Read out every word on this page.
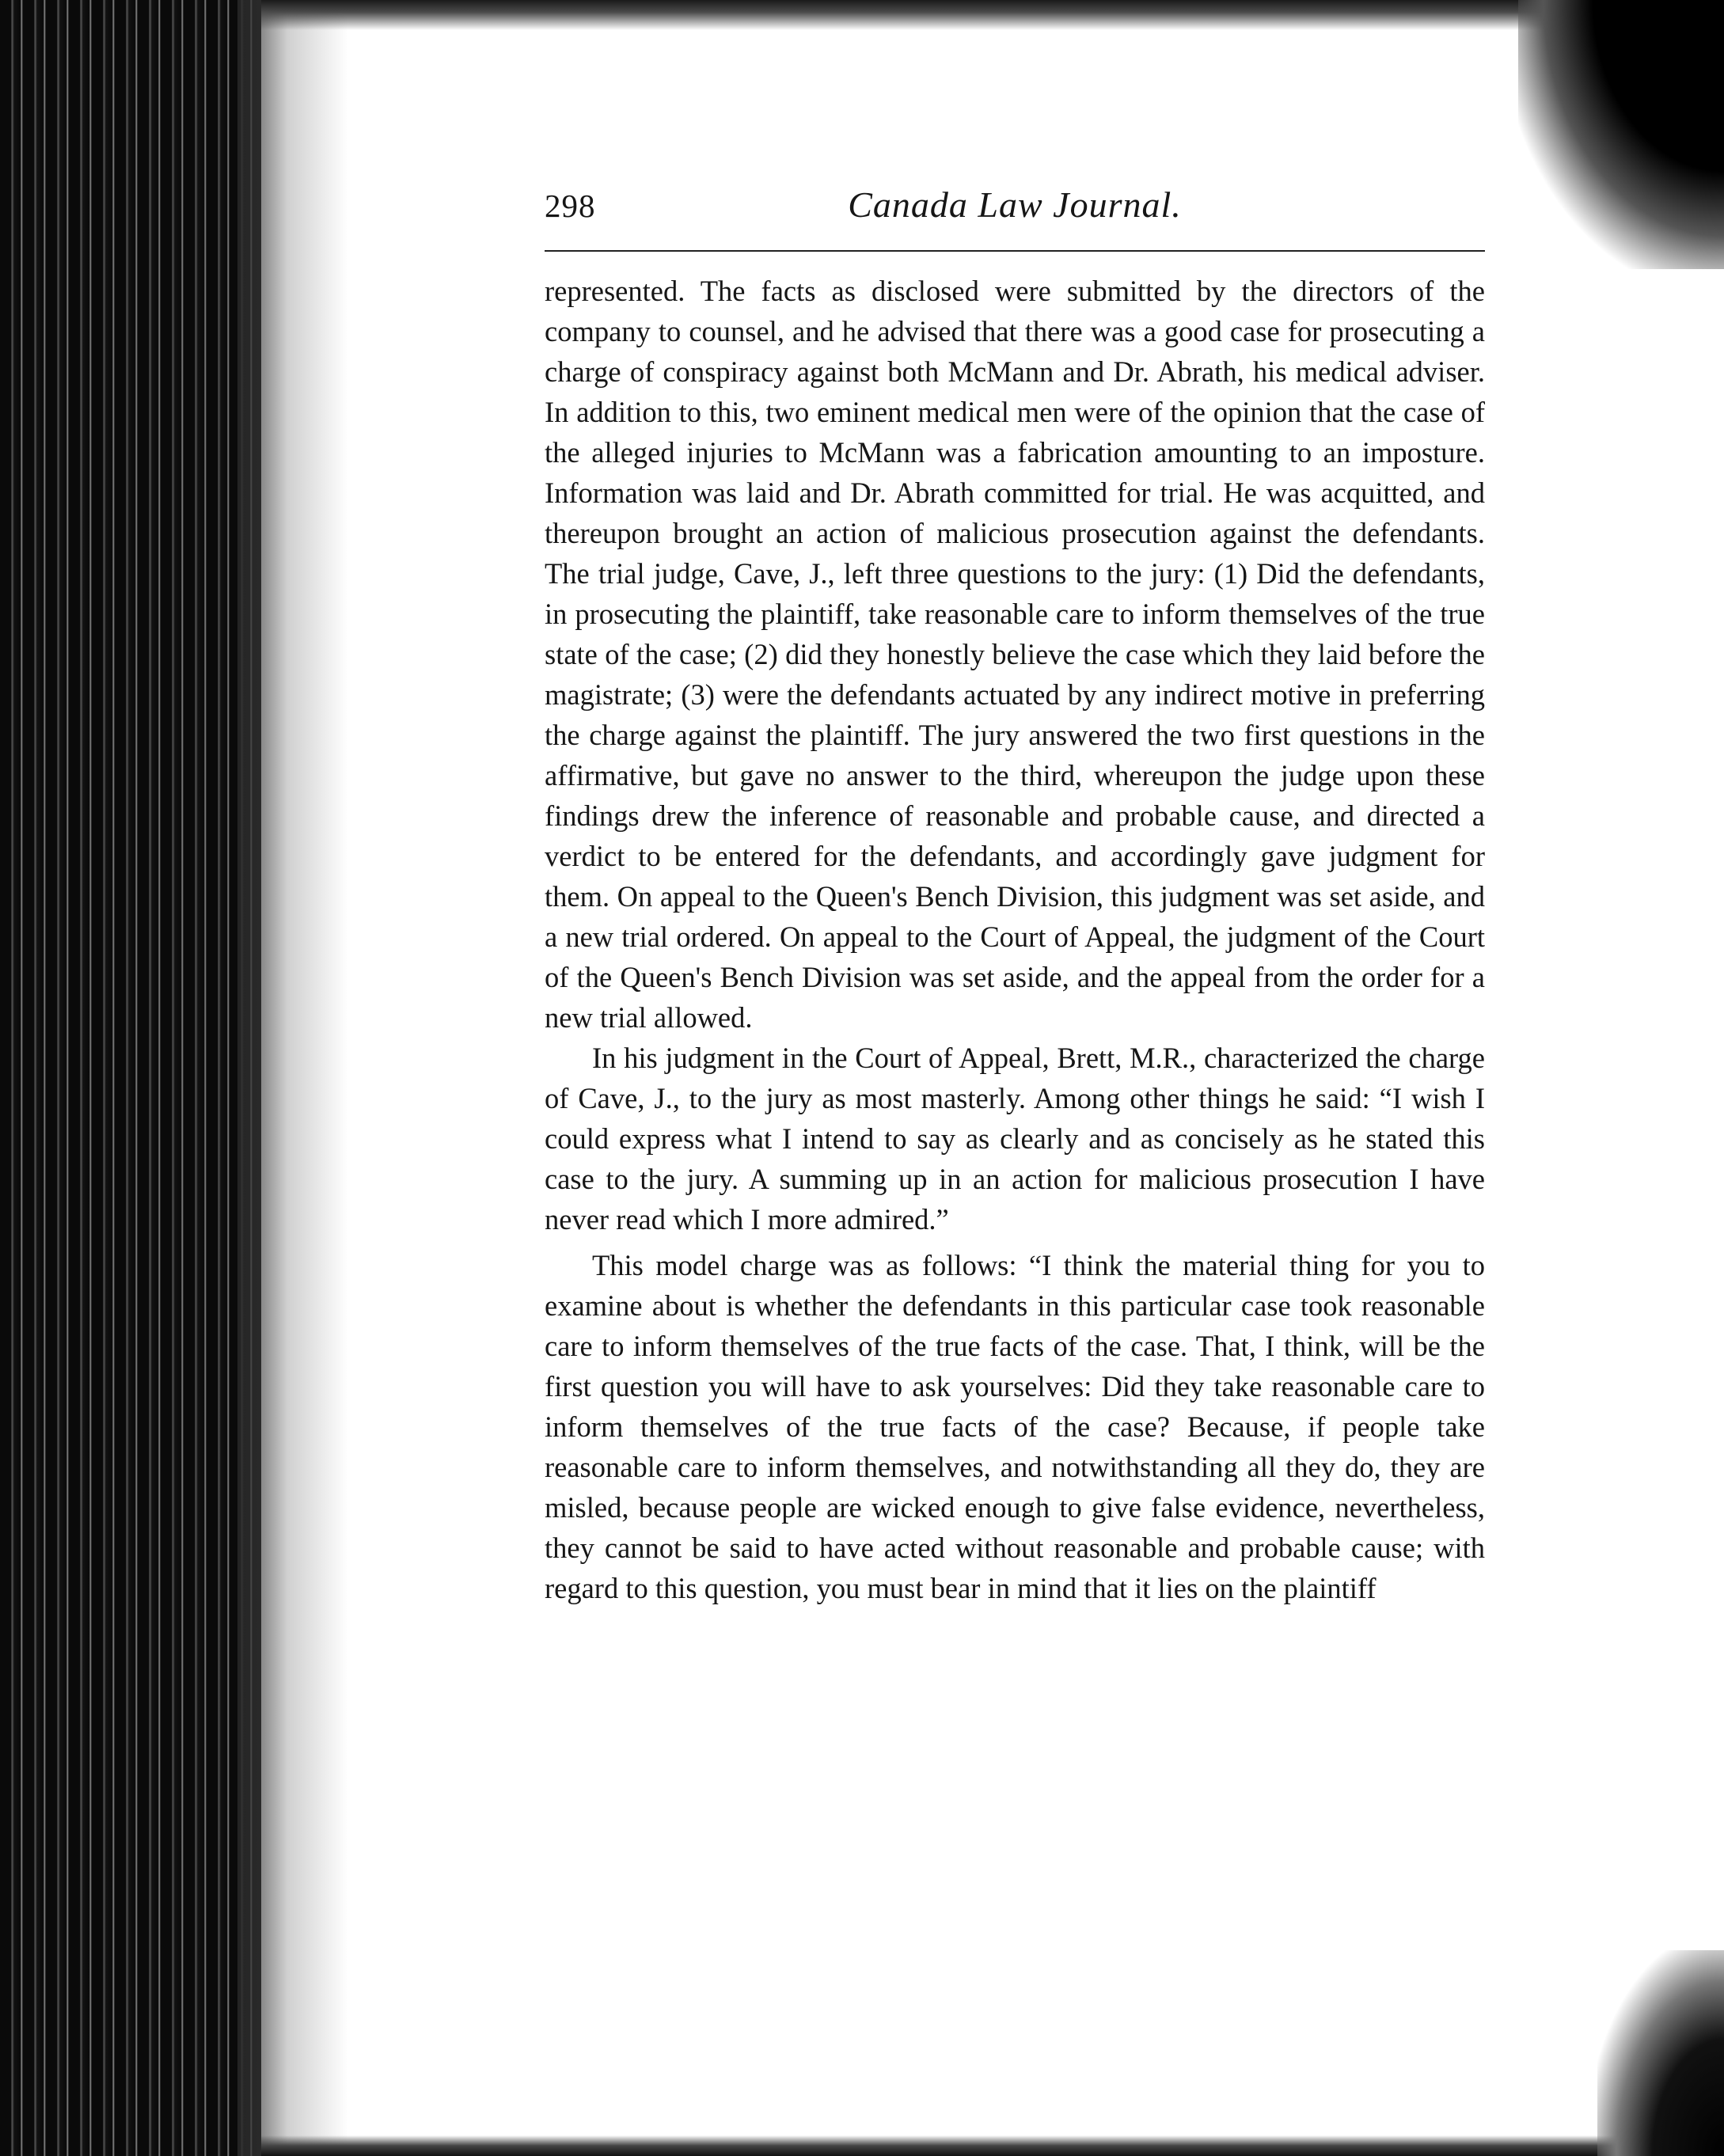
298	Canada Law Journal.

represented. The facts as disclosed were submitted by the directors of the company to counsel, and he advised that there was a good case for prosecuting a charge of conspiracy against both McMann and Dr. Abrath, his medical adviser. In addition to this, two eminent medical men were of the opinion that the case of the alleged injuries to McMann was a fabrication amounting to an imposture. Information was laid and Dr. Abrath committed for trial. He was acquitted, and thereupon brought an action of malicious prosecution against the defendants. The trial judge, Cave, J., left three questions to the jury: (1) Did the defendants, in prosecuting the plaintiff, take reasonable care to inform themselves of the true state of the case; (2) did they honestly believe the case which they laid before the magistrate; (3) were the defendants actuated by any indirect motive in preferring the charge against the plaintiff. The jury answered the two first questions in the affirmative, but gave no answer to the third, whereupon the judge upon these findings drew the inference of reasonable and probable cause, and directed a verdict to be entered for the defendants, and accordingly gave judgment for them. On appeal to the Queen's Bench Division, this judgment was set aside, and a new trial ordered. On appeal to the Court of Appeal, the judgment of the Court of the Queen's Bench Division was set aside, and the appeal from the order for a new trial allowed.

In his judgment in the Court of Appeal, Brett, M.R., characterized the charge of Cave, J., to the jury as most masterly. Among other things he said: “I wish I could express what I intend to say as clearly and as concisely as he stated this case to the jury. A summing up in an action for malicious prosecution I have never read which I more admired.”

This model charge was as follows: “I think the material thing for you to examine about is whether the defendants in this particular case took reasonable care to inform themselves of the true facts of the case. That, I think, will be the first question you will have to ask yourselves: Did they take reasonable care to inform themselves of the true facts of the case? Because, if people take reasonable care to inform themselves, and notwithstanding all they do, they are misled, because people are wicked enough to give false evidence, nevertheless, they cannot be said to have acted without reasonable and probable cause; with regard to this question, you must bear in mind that it lies on the plaintiff
